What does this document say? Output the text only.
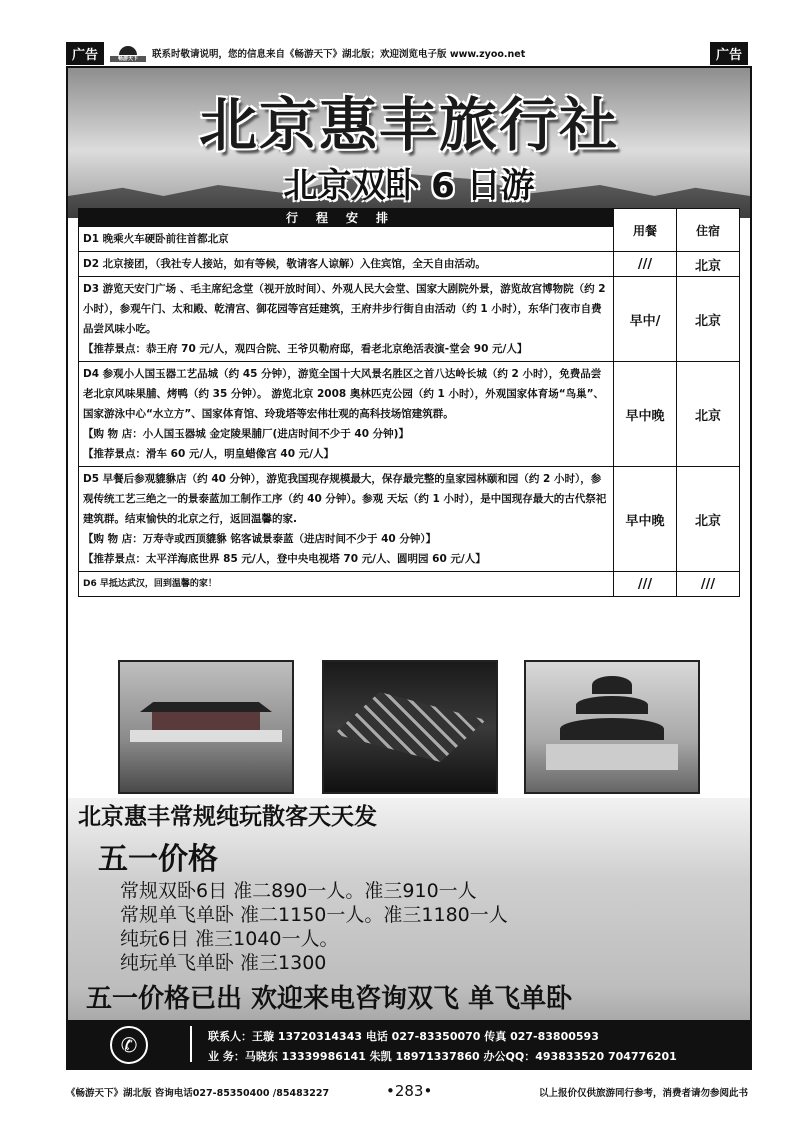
广告	畅游天下	联系时敬请说明，您的信息来自《畅游天下》湖北版；欢迎浏览电子版 www.zyoo.net	广告
北京惠丰旅行社
北京双卧 6 日游
行程安排	用餐	住宿
D1 晚乘火车硬卧前往首都北京		
D2 北京接团，（我社专人接站，如有等候，敬请客人谅解）入住宾馆，全天自由活动。	///	北京

D3 游览天安门广场 、毛主席纪念堂（视开放时间）、外观人民大会堂、国家大剧院外景，游览故宫博物院（约 2 小时），参观午门、太和殿、乾清宫、御花园等宫廷建筑，王府井步行街自由活动（约 1 小时），东华门夜市自费品尝风味小吃。
【推荐景点：恭王府 70 元/人，观四合院、王爷贝勒府邸，看老北京绝活表演-堂会 90 元/人】	早中/	北京

D4 参观小人国玉器工艺品城（约 45 分钟），游览全国十大风景名胜区之首八达岭长城（约 2 小时），免费品尝老北京风味果脯、烤鸭（约 35 分钟）。 游览北京 2008 奥林匹克公园（约 1 小时），外观国家体育场“鸟巢”、国家游泳中心“水立方”、国家体育馆、玲珑塔等宏伟壮观的高科技场馆建筑群。
【购 物 店：小人国玉器城 金定陵果脯厂(进店时间不少于 40 分钟)】
【推荐景点：滑车 60 元/人，明皇蜡像宫 40 元/人】	早中晚	北京

D5 早餐后参观貔貅店（约 40 分钟），游览我国现存规模最大，保存最完整的皇家园林颐和园（约 2 小时），参观传统工艺三绝之一的景泰蓝加工制作工序（约 40 分钟）。参观 天坛（约 1 小时），是中国现存最大的古代祭祀建筑群。结束愉快的北京之行，返回温馨的家.
【购 物 店：万寿寺或西顶貔貅 铭客诚景泰蓝（进店时间不少于 40 分钟）】
【推荐景点：太平洋海底世界 85 元/人，登中央电视塔 70 元/人、圆明园 60 元/人】	早中晚	北京
D6 早抵达武汉，回到温馨的家！	///	///
北京惠丰常规纯玩散客天天发
五一价格
常规双卧6日 准二890一人。准三910一人
常规单飞单卧 准二1150一人。准三1180一人
纯玩6日 准三1040一人。
纯玩单飞单卧 准三1300
五一价格已出 欢迎来电咨询双飞 单飞单卧
✆	联系人：王璇 13720314343 电话 027-83350070 传真 027-83800593
业 务：马晓东 13339986141 朱凯 18971337860 办公QQ：493833520 704776201
《畅游天下》湖北版 咨询电话027-85350400 /85483227	•283•	以上报价仅供旅游同行参考，消费者请勿参阅此书
